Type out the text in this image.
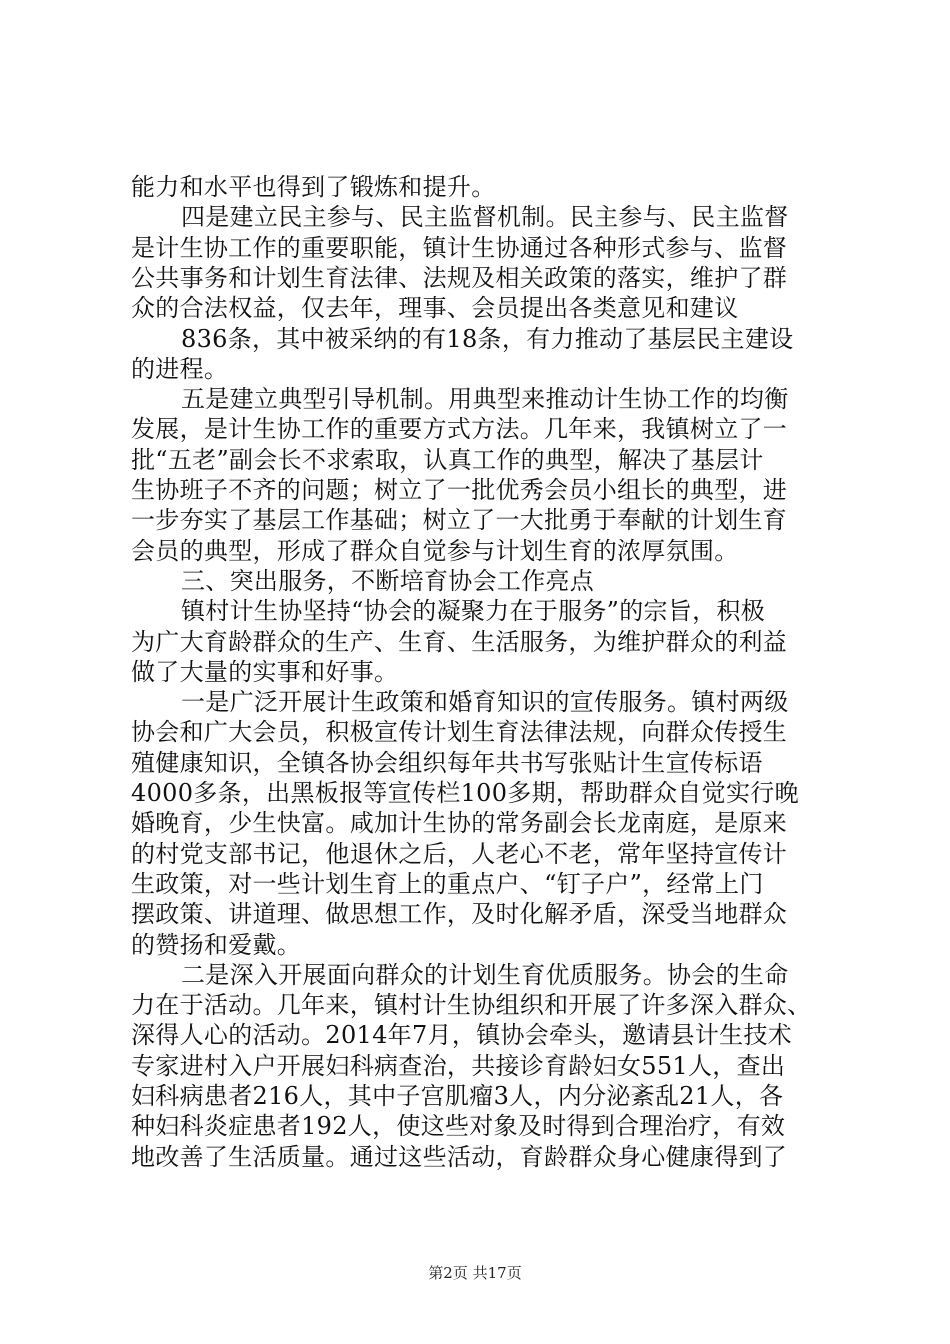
能力和水平也得到了锻炼和提升。
四是建立民主参与、民主监督机制。民主参与、民主监督
是计生协工作的重要职能，镇计生协通过各种形式参与、监督
公共事务和计划生育法律、法规及相关政策的落实，维护了群
众的合法权益，仅去年，理事、会员提出各类意见和建议
836条，其中被采纳的有18条，有力推动了基层民主建设
的进程。
五是建立典型引导机制。用典型来推动计生协工作的均衡
发展，是计生协工作的重要方式方法。几年来，我镇树立了一
批“五老”副会长不求索取，认真工作的典型，解决了基层计
生协班子不齐的问题；树立了一批优秀会员小组长的典型，进
一步夯实了基层工作基础；树立了一大批勇于奉献的计划生育
会员的典型，形成了群众自觉参与计划生育的浓厚氛围。
三、突出服务，不断培育协会工作亮点
镇村计生协坚持“协会的凝聚力在于服务”的宗旨，积极
为广大育龄群众的生产、生育、生活服务，为维护群众的利益
做了大量的实事和好事。
一是广泛开展计生政策和婚育知识的宣传服务。镇村两级
协会和广大会员，积极宣传计划生育法律法规，向群众传授生
殖健康知识，全镇各协会组织每年共书写张贴计生宣传标语
4000多条，出黑板报等宣传栏100多期，帮助群众自觉实行晚
婚晚育，少生快富。咸加计生协的常务副会长龙南庭，是原来
的村党支部书记，他退休之后，人老心不老，常年坚持宣传计
生政策，对一些计划生育上的重点户、“钉子户”，经常上门
摆政策、讲道理、做思想工作，及时化解矛盾，深受当地群众
的赞扬和爱戴。
二是深入开展面向群众的计划生育优质服务。协会的生命
力在于活动。几年来，镇村计生协组织和开展了许多深入群众、
深得人心的活动。2014年7月，镇协会牵头，邀请县计生技术
专家进村入户开展妇科病查治，共接诊育龄妇女551人，查出
妇科病患者216人，其中子宫肌瘤3人，内分泌紊乱21人，各
种妇科炎症患者192人，使这些对象及时得到合理治疗，有效
地改善了生活质量。通过这些活动，育龄群众身心健康得到了
第2页 共17页
